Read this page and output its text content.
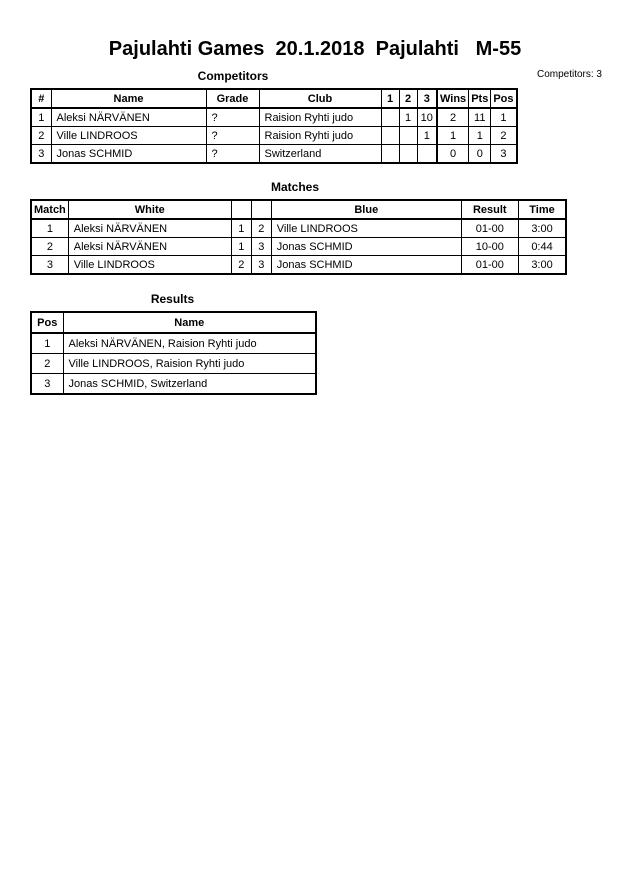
Pajulahti Games  20.1.2018  Pajulahti   M-55
Competitors: 3
Competitors
#	Name	Grade	Club	1	2	3	Wins	Pts	Pos
1	Aleksi NÄRVÄNEN	?	Raision Ryhti judo		1	10	2	11	1
2	Ville LINDROOS	?	Raision Ryhti judo			1	1	1	2
3	Jonas SCHMID	?	Switzerland				0	0	3
Matches
Match	White			Blue	Result	Time
1	Aleksi NÄRVÄNEN	1	2	Ville LINDROOS	01-00	3:00
2	Aleksi NÄRVÄNEN	1	3	Jonas SCHMID	10-00	0:44
3	Ville LINDROOS	2	3	Jonas SCHMID	01-00	3:00
Results
Pos	Name
1	Aleksi NÄRVÄNEN, Raision Ryhti judo
2	Ville LINDROOS, Raision Ryhti judo
3	Jonas SCHMID, Switzerland
